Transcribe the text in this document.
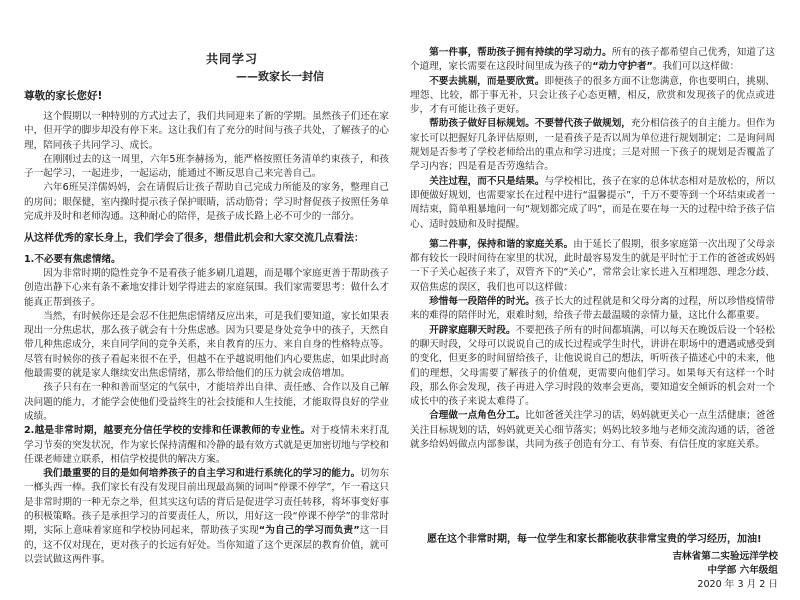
共同学习
——致家长一封信
尊敬的家长您好!

这个假期以一种特别的方式过去了，我们共同迎来了新的学期。虽然孩子们还在家中，但开学的脚步却没有停下来。这让我们有了充分的时间与孩子共处，了解孩子的心理，陪同孩子共同学习、成长。

在刚刚过去的这一周里，六年5班李赫扬为，能严格按照任务清单约束孩子，和孩子一起学习，一起进步，一起运动，能通过不断反思自己来完善自己。

六年6班吴洋儒妈妈，会在请假后让孩子帮助自己完成力所能及的家务，整理自己的房间；眼保健，室内操时提示孩子保护眼睛，活动筋骨；学习时督促孩子按照任务单完成并及时和老师沟通。这种耐心的陪伴，是孩子成长路上必不可少的一部分。

从这样优秀的家长身上，我们学会了很多，想借此机会和大家交流几点看法：

1.不必要有焦虑情绪。

因为非常时期的隐性竞争不是看孩子能多刷几道题，而是哪个家庭更善于帮助孩子创造出静下心来有条不紊地安排计划学得进去的家庭氛围。我们家需要思考：做什么才能真正帮到孩子。

当然，有时候你还是会忍不住把焦虑情绪反应出来，可是我们要知道，家长如果表现出一分焦虑状，那么孩子就会有十分焦虑感。因为只要是身处竞争中的孩子，天然自带几种焦虑成分，来自同学间的竞争关系，来自教育的压力、来自自身的性格特点等。尽管有时候你的孩子看起来很不在乎，但越不在乎越说明他们内心要焦虑，如果此时高他最需要的就是家人继续安出焦虑情绪，那么带给他们的压力就会成倍增加。

孩子只有在一种和善而坚定的气氛中，才能培养出自律、责任感、合作以及自己解决问题的能力，才能学会使他们受益终生的社会技能和人生技能，才能取得良好的学业成绩。

2.越是非常时期，越要充分信任学校的安排和任课教师的专业性。对于疫情未来打乱学习节奏的突发状况，作为家长保持清醒和冷静的最有效方式就是更加密切地与学校和任课老师建立联系，相信学校提供的解决方案。

我们最重要的目的是如何培养孩子的自主学习和进行系统化的学习的能力。切勿东一榔头西一棒。我们家长有没有发现目前出现最高频的词叫“停课不停学”，乍一看这只是非常时期的一种无奈之举，但其实这句话的背后是促进学习责任转移，将坏事变好事的积极策略。孩子是承担学习的首要责任人，所以，用好这一段“停课不停学”的非常时期，实际上意味着家庭和学校协同起来，帮助孩子实现“为自己的学习而负责”这一目的，这不仅对现在，更对孩子的长远有好处。当你知道了这个更深层的教育价值，就可以尝试做这两件事。

第一件事，帮助孩子拥有持续的学习动力。所有的孩子都希望自己优秀，知道了这个道理，家长需要在这段时间里成为孩子的“动力守护者”。我们可以这样做：

不要去挑剔，而是要欣赏。即便孩子的很多方面不让您满意，你也要明白，挑剔、埋怨、比较，都于事无补，只会让孩子心态更糟，相反，欣赏和发现孩子的优点或进步，才有可能让孩子更好。

帮助孩子做好目标规划。不要替代孩子做规划，充分相信孩子的自主能力。但作为家长可以把握好几条评估原则，一是看孩子是否以周为单位进行规划制定；二是询问周规划是否参考了学校老师给出的重点和学习进度；三是对照一下孩子的规划是否覆盖了学习内容；四是看是否劳逸结合。

关注过程，而不只是结果。与学校相比，孩子在家的总体状态相对是放松的，所以即便做好规划，也需要家长在过程中进行“温馨提示”，千万不要等到一个环结束或者一周结束，简单粗暴地问一句“规划都完成了吗”，而是在要在每一天的过程中给予孩子信心、适时鼓励和及时提醒。

第二件事，保持和谐的家庭关系。由于延长了假期，很多家庭第一次出现了父母亲都有较长一段时间待在家里的状况，此时最容易发生的就是平时忙于工作的爸爸或妈妈一下子关心起孩子来了，双管齐下的“关心”，常常会让家长进入互相埋怨、理念分歧、双倍焦虑的误区，我们也可以这样做：

珍惜每一段陪伴的时光。孩子长大的过程就是和父母分离的过程，所以珍惜疫情带来的难得的陪伴时光，艰难时刻，给孩子带去最温暖的亲情力量，这比什么都重要。

开辟家庭聊天时段。不要把孩子所有的时间都填满，可以每天在晚饭后设一个轻松的聊天时段，父母可以说说自己的成长过程或学生时代，讲讲在职场中的遭遇或感受到的变化，但更多的时间留给孩子，让他说说自己的想法，听听孩子描述心中的未来，他们的理想，父母需要了解孩子的价值观，更需要向他们学习。如果每天有这样一个时段，那么你会发现，孩子再进入学习时段的效率会更高，要知道安全倾诉的机会对一个成长中的孩子来说太难得了。

合理做一点角色分工。比如爸爸关注学习的话，妈妈就更关心一点生活健康；爸爸关注目标规划的话，妈妈就更关心细节落实；妈妈比较多地与老师交流沟通的话，爸爸就多给妈妈做点内部参谋，共同为孩子创造有分工、有节奏、有信任度的家庭关系。

愿在这个非常时期，每一位学生和家长都能收获非常宝贵的学习经历，加油!
吉林省第二实验远洋学校
中学部 六年级组
2020 年 3 月 2 日
